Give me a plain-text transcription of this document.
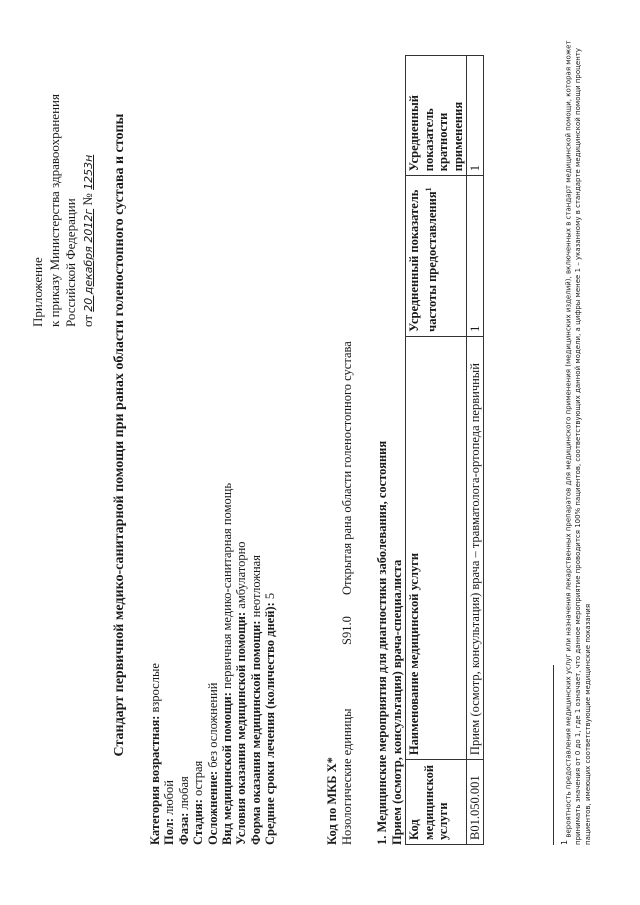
Приложение к приказу Министерства здравоохранения Российской Федерации от 20 декабря 2012г № 1253н Стандарт первичной медико-санитарной помощи при ранах области голеностопного сустава и стопы
Категория возрастная: взрослые
Пол: любой
Фаза: любая
Стадия: острая Осложнение: без осложнений Вид медицинской помощи: первичная медико-санитарная помощь
Условия оказания медицинской помощи: амбулаторно
Форма оказания медицинской помощи: неотложная
Средние сроки лечения (количество дней): 5
Код по МКБ X* Нозологические единицыS91.0Открытая рана области голеностопного сустава 1. Медицинские мероприятия для диагностики заболевания, состояния Прием (осмотр, консультация) врача-специалиста Код медицинской услуги	Наименование медицинской услуги	Усредненный показатель частоты предоставления$^1$	Усредненный показатель кратности применения
В01.050.001	Прием (осмотр, консультация) врача – травматолога-ортопеда первичный	1	1
$^1$ вероятность предоставления медицинских услуг или назначения лекарственных препаратов для медицинского применения (медицинских изделий), включенных в стандарт медицинской помощи, которая может принимать значения от 0 до 1, где 1 означает, что данное мероприятие проводится 100% пациентов, соответствующих данной модели, а цифры менее 1 – указанному в стандарте медицинской помощи проценту пациентов, имеющих соответствующие медицинские показания
